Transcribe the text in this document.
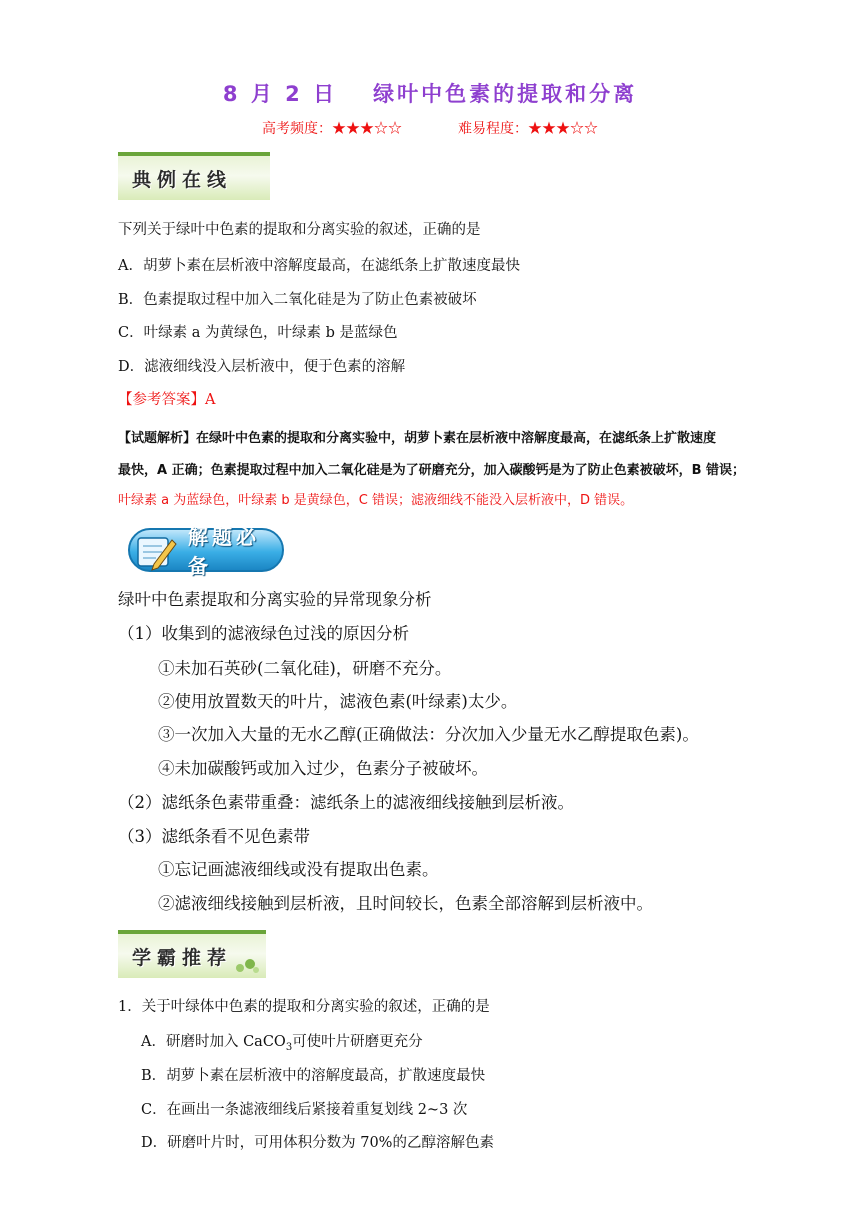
8 月 2 日 绿叶中色素的提取和分离
高考频度：★★★☆☆	难易程度：★★★☆☆
典例在线
下列关于绿叶中色素的提取和分离实验的叙述，正确的是
A．胡萝卜素在层析液中溶解度最高，在滤纸条上扩散速度最快
B．色素提取过程中加入二氧化硅是为了防止色素被破坏
C．叶绿素 a 为黄绿色，叶绿素 b 是蓝绿色
D．滤液细线没入层析液中，便于色素的溶解
【参考答案】A
【试题解析】在绿叶中色素的提取和分离实验中，胡萝卜素在层析液中溶解度最高，在滤纸条上扩散速度
最快，A 正确；色素提取过程中加入二氧化硅是为了研磨充分，加入碳酸钙是为了防止色素被破坏，B 错误；
叶绿素 a 为蓝绿色，叶绿素 b 是黄绿色，C 错误；滤液细线不能没入层析液中，D 错误。
解题必备
绿叶中色素提取和分离实验的异常现象分析
（1）收集到的滤液绿色过浅的原因分析
①未加石英砂(二氧化硅)，研磨不充分。
②使用放置数天的叶片，滤液色素(叶绿素)太少。
③一次加入大量的无水乙醇(正确做法：分次加入少量无水乙醇提取色素)。
④未加碳酸钙或加入过少，色素分子被破坏。
（2）滤纸条色素带重叠：滤纸条上的滤液细线接触到层析液。
（3）滤纸条看不见色素带
①忘记画滤液细线或没有提取出色素。
②滤液细线接触到层析液，且时间较长，色素全部溶解到层析液中。
学霸推荐
1．关于叶绿体中色素的提取和分离实验的叙述，正确的是
A．研磨时加入 CaCO$_3$可使叶片研磨更充分
B．胡萝卜素在层析液中的溶解度最高，扩散速度最快
C．在画出一条滤液细线后紧接着重复划线 2~3 次
D．研磨叶片时，可用体积分数为 70%的乙醇溶解色素
